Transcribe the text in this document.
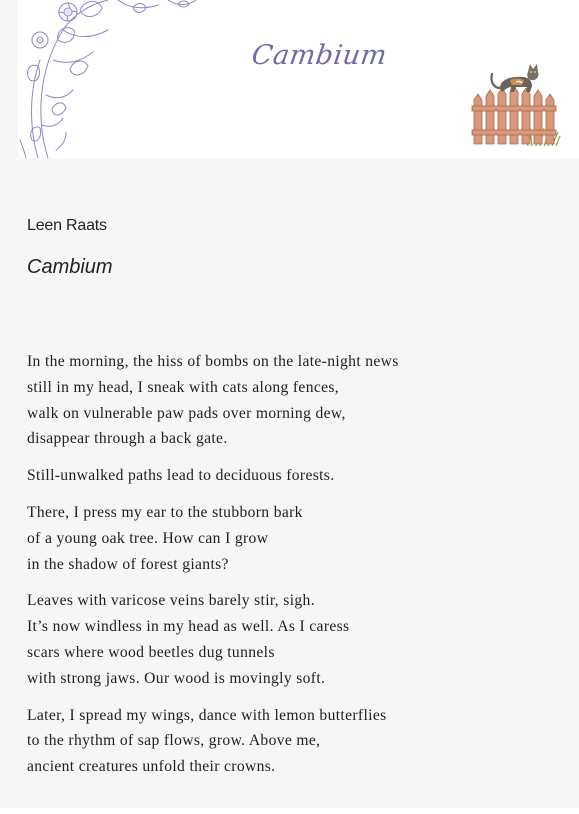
Cambium
Leen Raats
Cambium

In the morning, the hiss of bombs on the late-night news
still in my head, I sneak with cats along fences,
walk on vulnerable paw pads over morning dew,
disappear through a back gate.

Still-unwalked paths lead to deciduous forests.

There, I press my ear to the stubborn bark
of a young oak tree. How can I grow
in the shadow of forest giants?

Leaves with varicose veins barely stir, sigh.
It’s now windless in my head as well. As I caress
scars where wood beetles dug tunnels
with strong jaws. Our wood is movingly soft.

Later, I spread my wings, dance with lemon butterflies
to the rhythm of sap flows, grow. Above me,
ancient creatures unfold their crowns.
